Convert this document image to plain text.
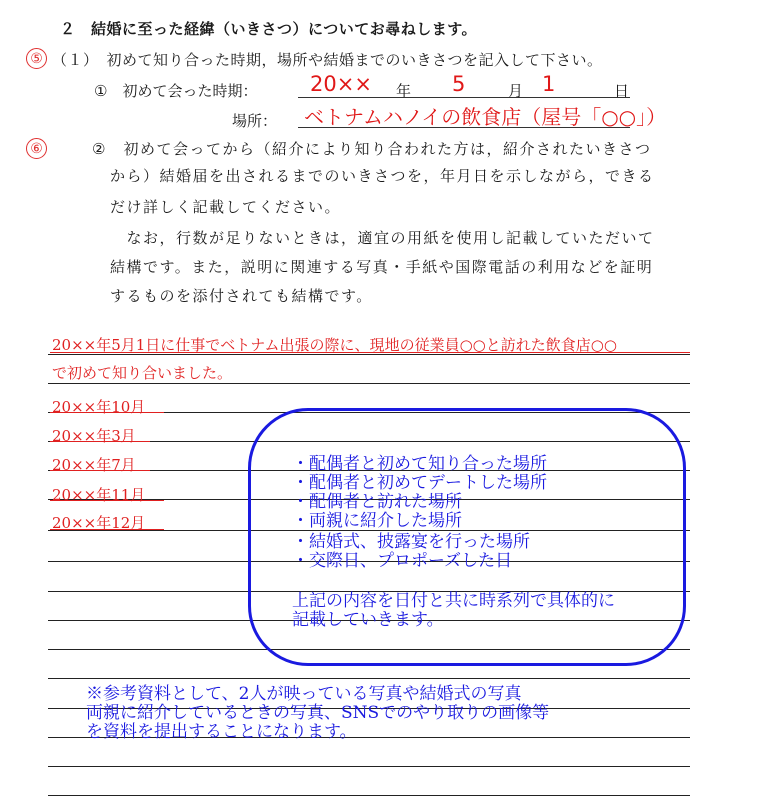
２　結婚に至った経緯（いきさつ）についてお尋ねします。
⑤ （１）　初めて知り合った時期，場所や結婚までのいきさつを記入して下さい。
①　初めて会った時期：	20×× 年 5	月 1	日
場所： ベトナムハノイの飲食店（屋号「○○」）
⑥	②　初めて会ってから（紹介により知り合われた方は，紹介されたいきさつ
から）結婚届を出されるまでのいきさつを，年月日を示しながら，できる
だけ詳しく記載してください。
　なお，行数が足りないときは，適宜の用紙を使用し記載していただいて
結構です。また，説明に関連する写真・手紙や国際電話の利用などを証明
するものを添付されても結構です。
20××年5月1日に仕事でベトナム出張の際に、現地の従業員○○と訪れた飲食店○○
で初めて知り合いました。
20××年10月
20××年3月
20××年7月
20××年11月
20××年12月
・配偶者と初めて知り合った場所
・配偶者と初めてデートした場所
・配偶者と訪れた場所
・両親に紹介した場所
・結婚式、披露宴を行った場所
・交際日、プロポーズした日
上記の内容を日付と共に時系列で具体的に
記載していきます。
※参考資料として、2人が映っている写真や結婚式の写真
両親に紹介しているときの写真、SNSでのやり取りの画像等
を資料を提出することになります。
